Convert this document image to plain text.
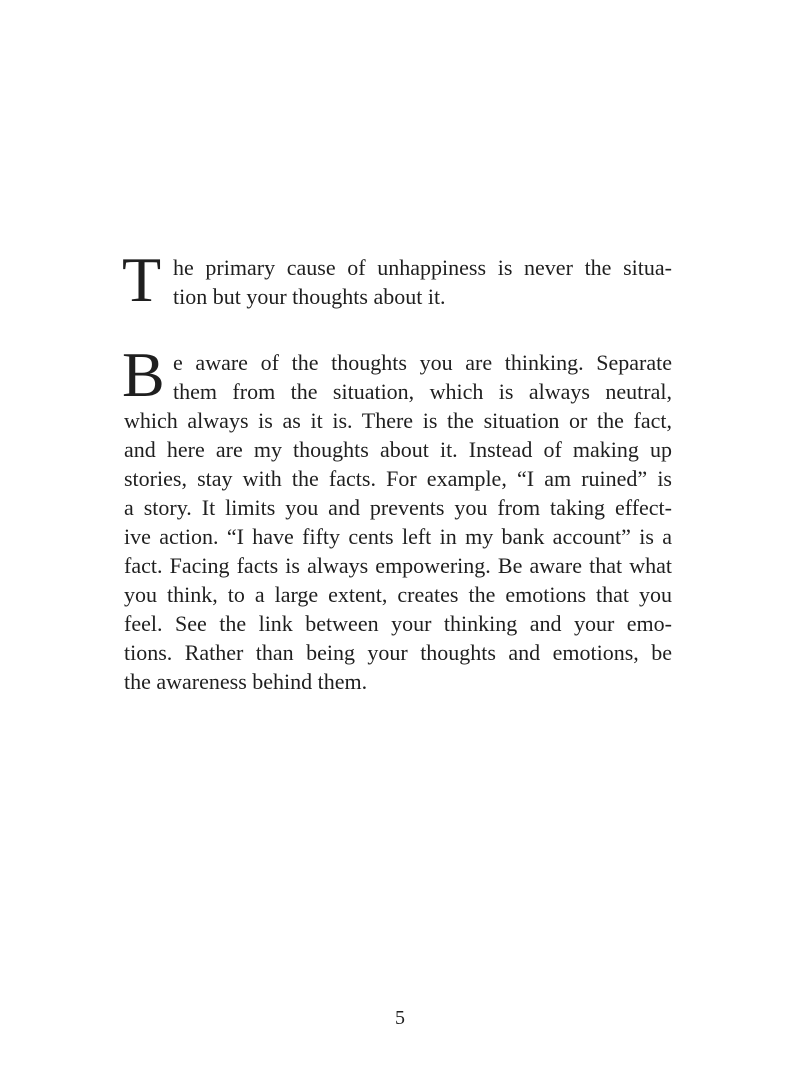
T he primary cause of unhappiness is never the situa-
tion but your thoughts about it.

B e aware of the thoughts you are thinking. Separate
them from the situation, which is always neutral,
which always is as it is. There is the situation or the fact,
and here are my thoughts about it. Instead of making up
stories, stay with the facts. For example, “I am ruined” is
a story. It limits you and prevents you from taking effect-
ive action. “I have fifty cents left in my bank account” is a
fact. Facing facts is always empowering. Be aware that what
you think, to a large extent, creates the emotions that you
feel. See the link between your thinking and your emo-
tions. Rather than being your thoughts and emotions, be
the awareness behind them.

5
